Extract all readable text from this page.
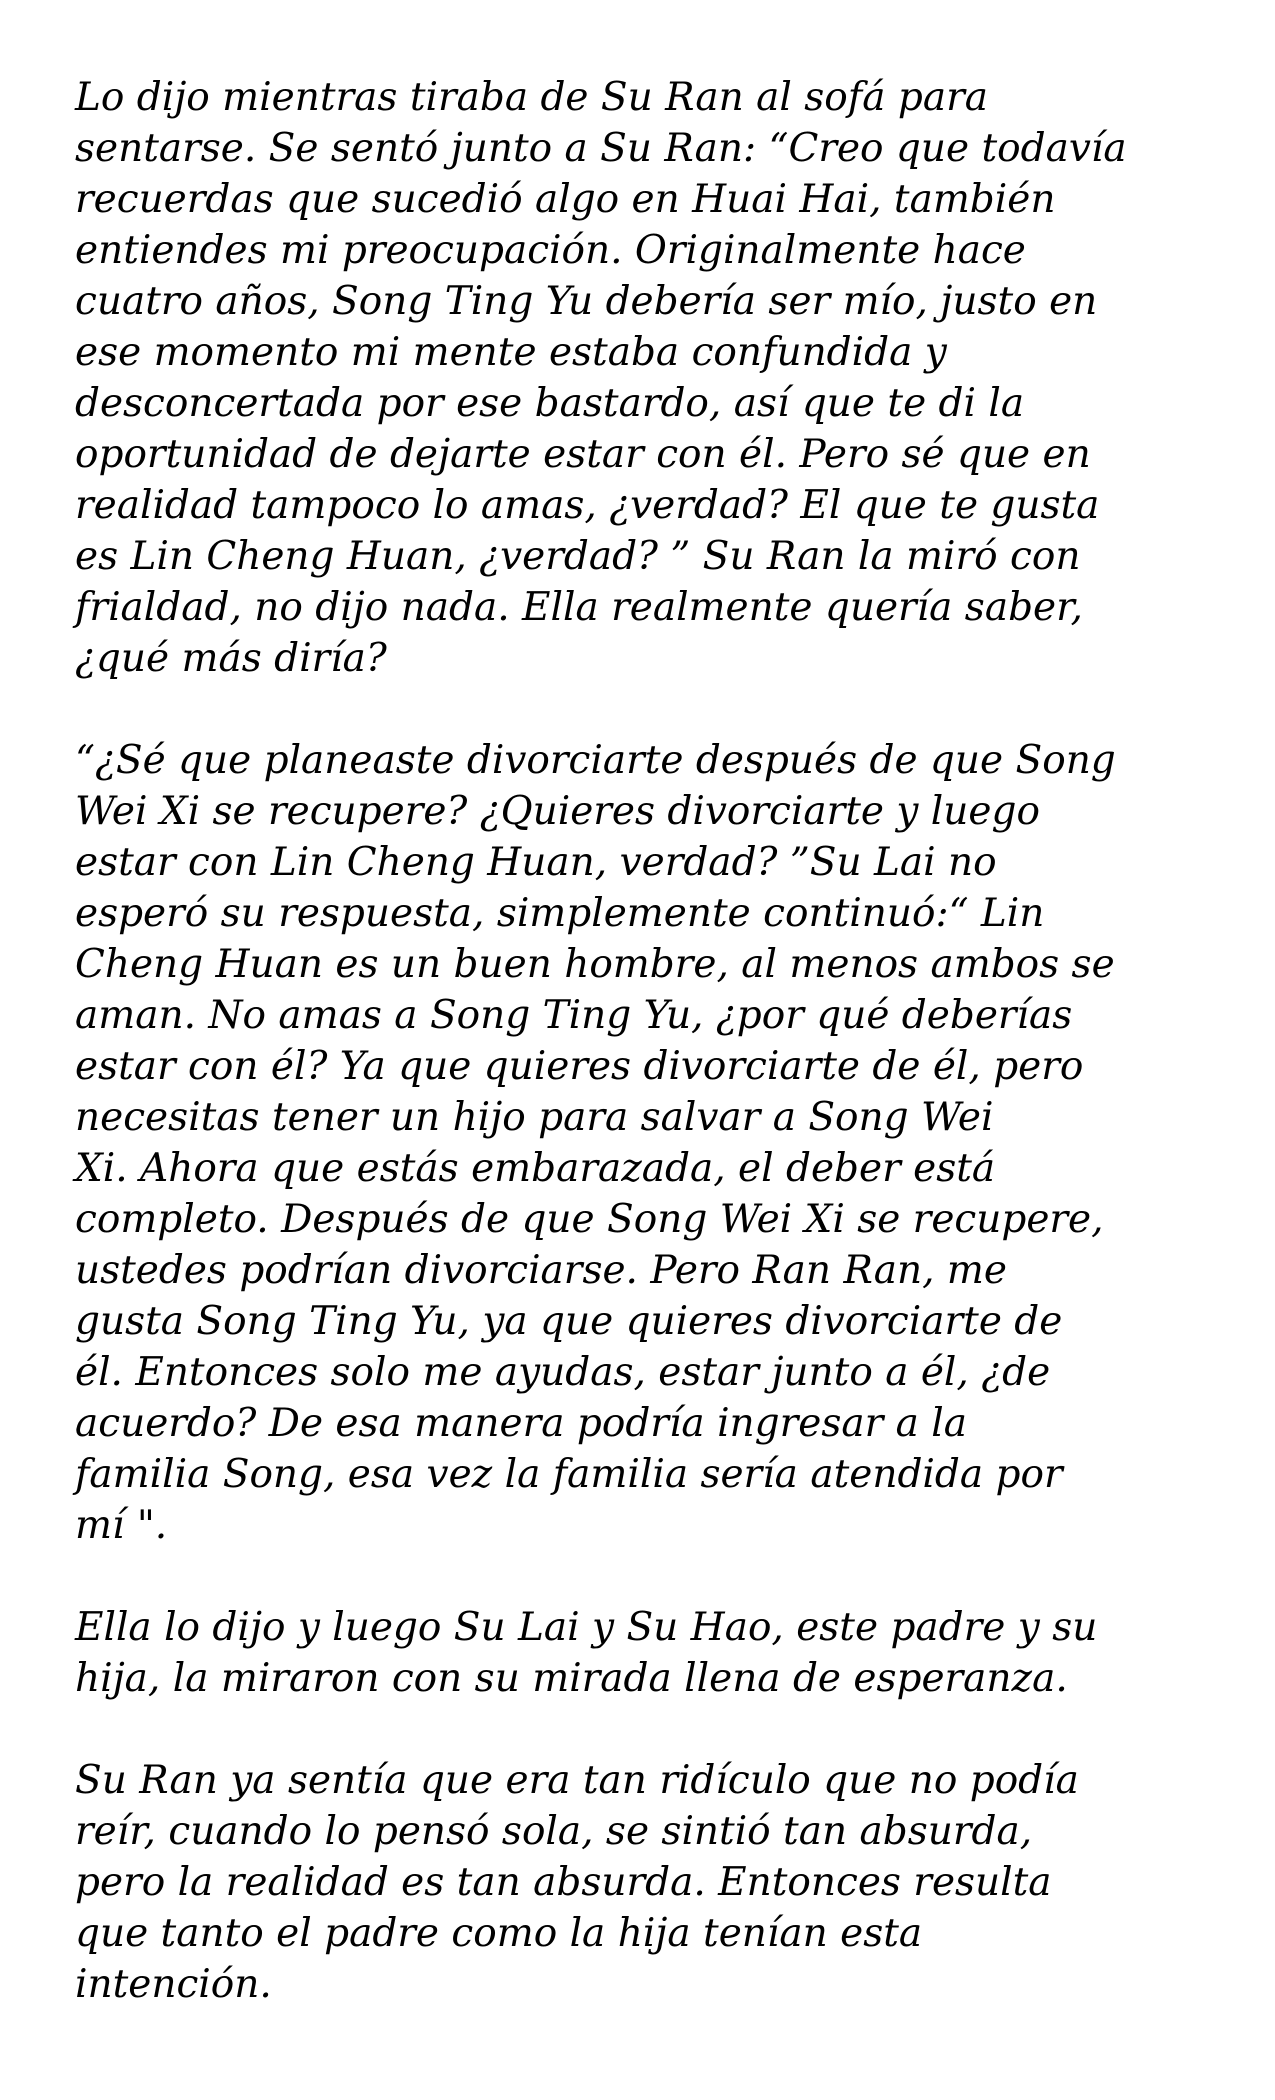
Lo dijo mientras tiraba de Su Ran al sofá para
sentarse. Se sentó junto a Su Ran: “Creo que todavía
recuerdas que sucedió algo en Huai Hai, también
entiendes mi preocupación. Originalmente hace
cuatro años, Song Ting Yu debería ser mío, justo en
ese momento mi mente estaba confundida y
desconcertada por ese bastardo, así que te di la
oportunidad de dejarte estar con él. Pero sé que en
realidad tampoco lo amas, ¿verdad? El que te gusta
es Lin Cheng Huan, ¿verdad? ” Su Ran la miró con
frialdad, no dijo nada. Ella realmente quería saber,
¿qué más diría?

“¿Sé que planeaste divorciarte después de que Song
Wei Xi se recupere? ¿Quieres divorciarte y luego
estar con Lin Cheng Huan, verdad? ”Su Lai no
esperó su respuesta, simplemente continuó:“ Lin
Cheng Huan es un buen hombre, al menos ambos se
aman. No amas a Song Ting Yu, ¿por qué deberías
estar con él? Ya que quieres divorciarte de él, pero
necesitas tener un hijo para salvar a Song Wei
Xi. Ahora que estás embarazada, el deber está
completo. Después de que Song Wei Xi se recupere,
ustedes podrían divorciarse. Pero Ran Ran, me
gusta Song Ting Yu, ya que quieres divorciarte de
él. Entonces solo me ayudas, estar junto a él, ¿de
acuerdo? De esa manera podría ingresar a la
familia Song, esa vez la familia sería atendida por
mí ".

Ella lo dijo y luego Su Lai y Su Hao, este padre y su
hija, la miraron con su mirada llena de esperanza.

Su Ran ya sentía que era tan ridículo que no podía
reír, cuando lo pensó sola, se sintió tan absurda,
pero la realidad es tan absurda. Entonces resulta
que tanto el padre como la hija tenían esta
intención.
